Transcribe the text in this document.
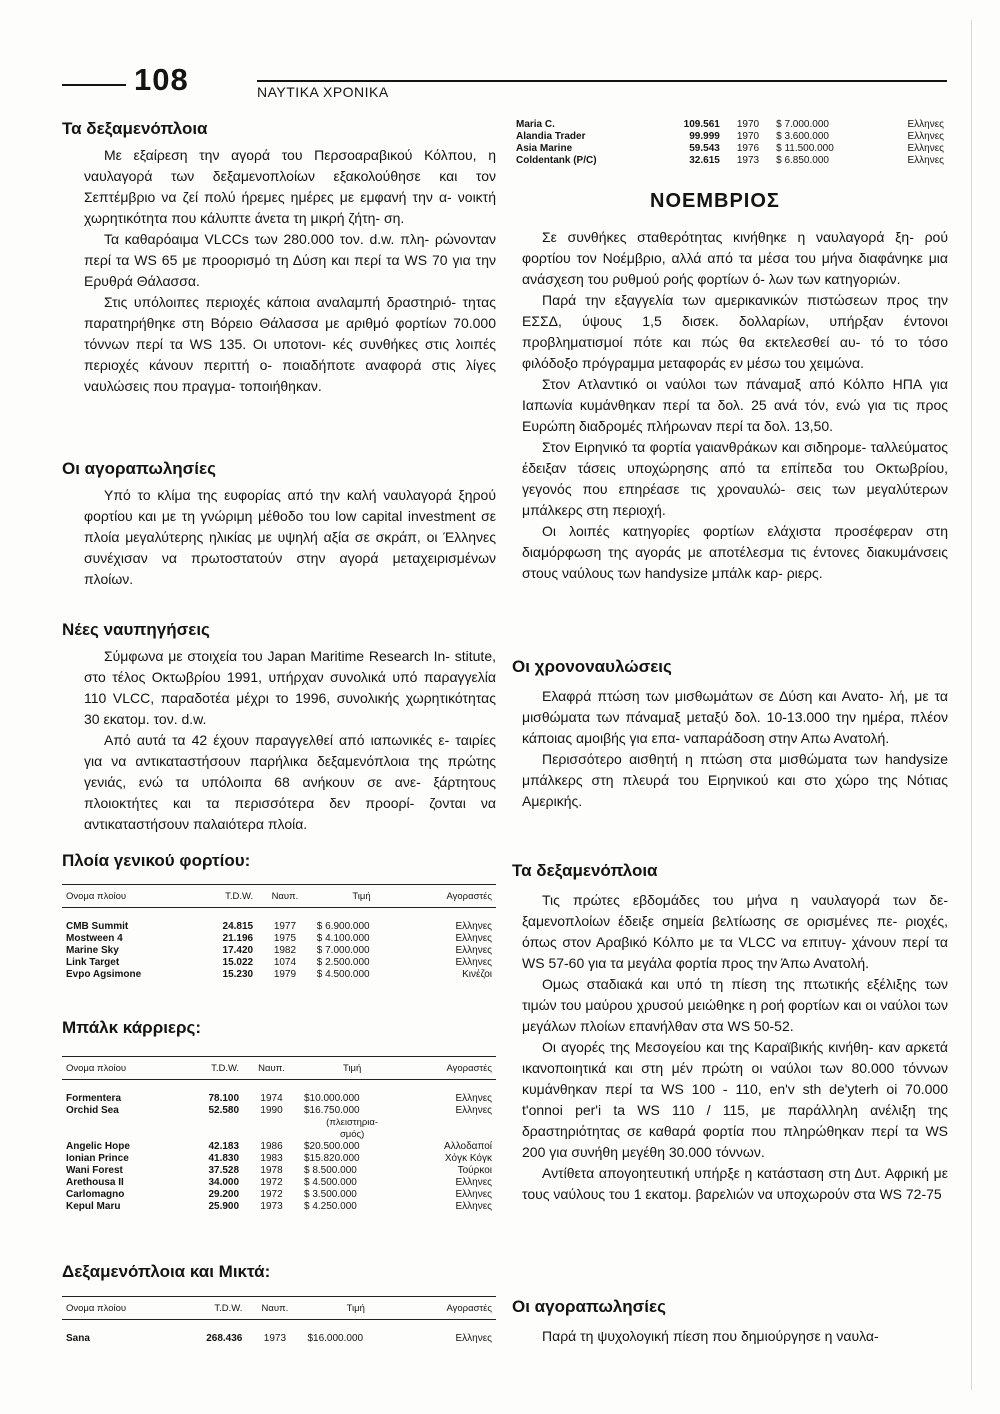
108	ΝΑΥΤΙΚΑ ΧΡΟΝΙΚΑ
Τα δεξαμενόπλοια

Με εξαίρεση την αγορά του Περσοαραβικού Κόλπου, η ναυλαγορά των δεξαμενοπλοίων εξακολούθησε και τον Σεπτέμβριο να ζεί πολύ ήρεμες ημέρες με εμφανή την α- νοικτή χωρητικότητα που κάλυπτε άνετα τη μικρή ζήτη- ση.

Τα καθαρόαιμα VLCCs των 280.000 τον. d.w. πλη- ρώνονταν περί τα WS 65 με προορισμό τη Δύση και περί τα WS 70 για την Ερυθρά Θάλασσα.

Στις υπόλοιπες περιοχές κάποια αναλαμπή δραστηριό- τητας παρατηρήθηκε στη Βόρειο Θάλασσα με αριθμό φορτίων 70.000 τόννων περί τα WS 135. Οι υποτονι- κές συνθήκες στις λοιπές περιοχές κάνουν περιττή ο- ποιαδήποτε αναφορά στις λίγες ναυλώσεις που πραγμα- τοποιήθηκαν.

Οι αγοραπωλησίες

Υπό το κλίμα της ευφορίας από την καλή ναυλαγορά ξηρού φορτίου και με τη γνώριμη μέθοδο του low capital investment σε πλοία μεγαλύτερης ηλικίας με υψηλή αξία σε σκράπ, οι Έλληνες συνέχισαν να πρωτοστατούν στην αγορά μεταχειρισμένων πλοίων.

Νέες ναυπηγήσεις

Σύμφωνα με στοιχεία του Japan Maritime Research In- stitute, στο τέλος Οκτωβρίου 1991, υπήρχαν συνολικά υπό παραγγελία 110 VLCC, παραδοτέα μέχρι το 1996, συνολικής χωρητικότητας 30 εκατομ. τον. d.w.

Από αυτά τα 42 έχουν παραγγελθεί από ιαπωνικές ε- ταιρίες για να αντικαταστήσουν παρήλικα δεξαμενόπλοια της πρώτης γενιάς, ενώ τα υπόλοιπα 68 ανήκουν σε ανε- ξάρτητους πλοιοκτήτες και τα περισσότερα δεν προορί- ζονται να αντικαταστήσουν παλαιότερα πλοία.

Πλοία γενικού φορτίου:
Ονομα πλοίου	T.D.W.	Ναυπ.	Τιμή	Αγοραστές

CMB Summit	24.815	1977	$ 6.900.000	Ελληνες
Mostween 4	21.196	1975	$ 4.100.000	Ελληνες
Marine Sky	17.420	1982	$ 7.000.000	Ελληνες
Link Target	15.022	1074	$ 2.500.000	Ελληνες
Evpo Agsimone	15.230	1979	$ 4.500.000	Κινέζοι
Μπάλκ κάρριερς:
Ονομα πλοίου	T.D.W.	Ναυπ.	Τιμή	Αγοραστές

Formentera	78.100	1974	$10.000.000	Ελληνες
Orchid Sea	52.580	1990	$16.750.000	Ελληνες
			(πλειστηρια-	
			σμός)	
Angelic Hope	42.183	1986	$20.500.000	Αλλοδαποί
Ionian Prince	41.830	1983	$15.820.000	Χόγκ Κόγκ
Wani Forest	37.528	1978	$ 8.500.000	Τούρκοι
Arethousa II	34.000	1972	$ 4.500.000	Ελληνες
Carlomagno	29.200	1972	$ 3.500.000	Ελληνες
Kepul Maru	25.900	1973	$ 4.250.000	Ελληνες
Δεξαμενόπλοια και Μικτά:
Ονομα πλοίου	T.D.W.	Ναυπ.	Τιμή	Αγοραστές

Sana	268.436	1973	$16.000.000	Ελληνες
Maria C.	109.561	1970	$ 7.000.000	Ελληνες
Alandia Trader	99.999	1970	$ 3.600.000	Ελληνες
Asia Marine	59.543	1976	$ 11.500.000	Ελληνες
Coldentank (P/C)	32.615	1973	$ 6.850.000	Ελληνες
ΝΟΕΜΒΡΙΟΣ

Σε συνθήκες σταθερότητας κινήθηκε η ναυλαγορά ξη- ρού φορτίου τον Νοέμβριο, αλλά από τα μέσα του μήνα διαφάνηκε μια ανάσχεση του ρυθμού ροής φορτίων ό- λων των κατηγοριών.

Παρά την εξαγγελία των αμερικανικών πιστώσεων προς την ΕΣΣΔ, ύψους 1,5 δισεκ. δολλαρίων, υπήρξαν έντονοι προβληματισμοί πότε και πώς θα εκτελεσθεί αυ- τό το τόσο φιλόδοξο πρόγραμμα μεταφοράς εν μέσω του χειμώνα.

Στον Ατλαντικό οι ναύλοι των πάναμαξ από Κόλπο ΗΠΑ για Ιαπωνία κυμάνθηκαν περί τα δολ. 25 ανά τόν, ενώ για τις προς Ευρώπη διαδρομές πλήρωναν περί τα δολ. 13,50.

Στον Ειρηνικό τα φορτία γαιανθράκων και σιδηρομε- ταλλεύματος έδειξαν τάσεις υποχώρησης από τα επίπεδα του Οκτωβρίου, γεγονός που επηρέασε τις χροναυλώ- σεις των μεγαλύτερων μπάλκερς στη περιοχή.

Οι λοιπές κατηγορίες φορτίων ελάχιστα προσέφεραν στη διαμόρφωση της αγοράς με αποτέλεσμα τις έντονες διακυμάνσεις στους ναύλους των handysize μπάλκ καρ- ριερς.

Οι χρονοναυλώσεις

Ελαφρά πτώση των μισθωμάτων σε Δύση και Ανατο- λή, με τα μισθώματα των πάναμαξ μεταξύ δολ. 10-13.000 την ημέρα, πλέον κάποιας αμοιβής για επα- ναπαράδοση στην Απω Ανατολή.

Περισσότερο αισθητή η πτώση στα μισθώματα των handysize μπάλκερς στη πλευρά του Ειρηνικού και στο χώρο της Νότιας Αμερικής.

Τα δεξαμενόπλοια

Τις πρώτες εβδομάδες του μήνα η ναυλαγορά των δε- ξαμενοπλοίων έδειξε σημεία βελτίωσης σε ορισμένες πε- ριοχές, όπως στον Αραβικό Κόλπο με τα VLCC να επιτυγ- χάνουν περί τα WS 57-60 για τα μεγάλα φορτία προς την Άπω Ανατολή.

Ομως σταδιακά και υπό τη πίεση της πτωτικής εξέλιξης των τιμών του μαύρου χρυσού μειώθηκε η ροή φορτίων και οι ναύλοι των μεγάλων πλοίων επανήλθαν στα WS 50-52.

Οι αγορές της Μεσογείου και της Καραϊβικής κινήθη- καν αρκετά ικανοποιητικά και στη μέν πρώτη οι ναύλοι των 80.000 τόννων κυμάνθηκαν περί τα WS 100 - 110, en'v sth de'yterh oi 70.000 t'onnoi per'i ta WS 110 / 115, με παράλληλη ανέλιξη της δραστηριότητας σε καθαρά φορτία που πληρώθηκαν περί τα WS 200 για συνήθη μεγέθη 30.000 τόννων.

Αντίθετα απογοητευτική υπήρξε η κατάσταση στη Δυτ. Αφρική με τους ναύλους του 1 εκατομ. βαρελιών να υποχωρούν στα WS 72-75

Οι αγοραπωλησίες

Παρά τη ψυχολογική πίεση που δημιούργησε η ναυλα-
